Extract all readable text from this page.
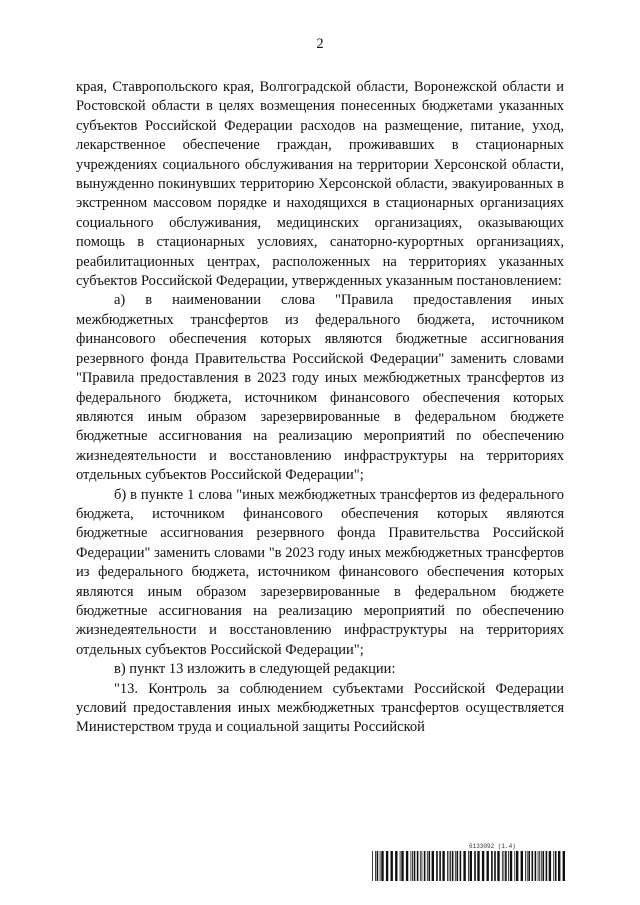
2

края, Ставропольского края, Волгоградской области, Воронежской области и Ростовской области в целях возмещения понесенных бюджетами указанных субъектов Российской Федерации расходов на размещение, питание, уход, лекарственное обеспечение граждан, проживавших в стационарных учреждениях социального обслуживания на территории Херсонской области, вынужденно покинувших территорию Херсонской области, эвакуированных в экстренном массовом порядке и находящихся в стационарных организациях социального обслуживания, медицинских организациях, оказывающих помощь в стационарных условиях, санаторно-курортных организациях, реабилитационных центрах, расположенных на территориях указанных субъектов Российской Федерации, утвержденных указанным постановлением:

а) в наименовании слова "Правила предоставления иных межбюджетных трансфертов из федерального бюджета, источником финансового обеспечения которых являются бюджетные ассигнования резервного фонда Правительства Российской Федерации" заменить словами "Правила предоставления в 2023 году иных межбюджетных трансфертов из федерального бюджета, источником финансового обеспечения которых являются иным образом зарезервированные в федеральном бюджете бюджетные ассигнования на реализацию мероприятий по обеспечению жизнедеятельности и восстановлению инфраструктуры на территориях отдельных субъектов Российской Федерации";

б) в пункте 1 слова "иных межбюджетных трансфертов из федерального бюджета, источником финансового обеспечения которых являются бюджетные ассигнования резервного фонда Правительства Российской Федерации" заменить словами "в 2023 году иных межбюджетных трансфертов из федерального бюджета, источником финансового обеспечения которых являются иным образом зарезервированные в федеральном бюджете бюджетные ассигнования на реализацию мероприятий по обеспечению жизнедеятельности и восстановлению инфраструктуры на территориях отдельных субъектов Российской Федерации";

в) пункт 13 изложить в следующей редакции:

"13. Контроль за соблюдением субъектами Российской Федерации условий предоставления иных межбюджетных трансфертов осуществляется Министерством труда и социальной защиты Российской

6133092 (1.4)
